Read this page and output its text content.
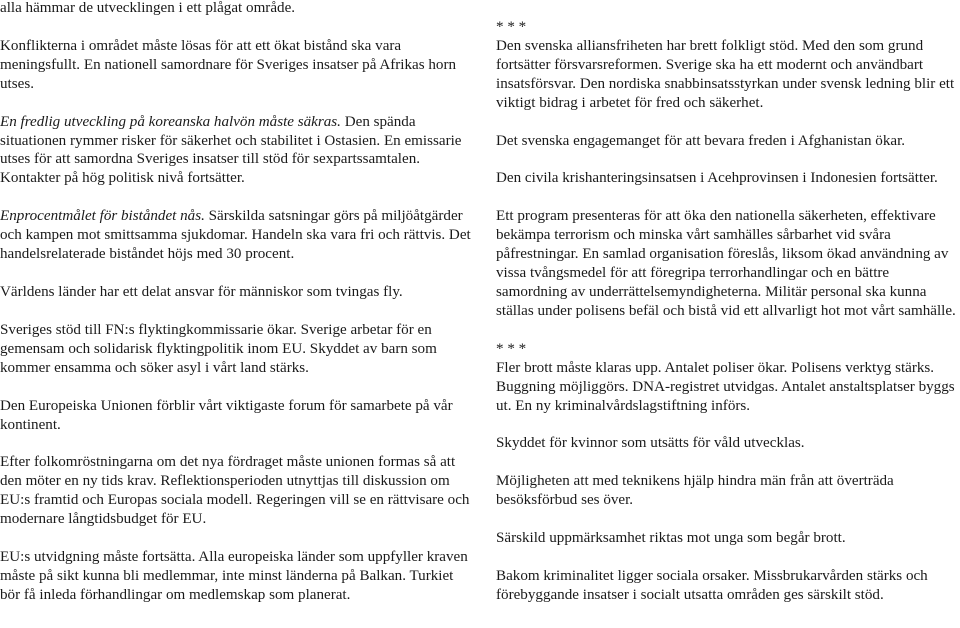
alla hämmar de utvecklingen i ett plågat område.

Konflikterna i området måste lösas för att ett ökat bistånd ska vara meningsfullt. En nationell samordnare för Sveriges insatser på Afrikas horn utses.

En fredlig utveckling på koreanska halvön måste säkras. Den spända situationen rymmer risker för säkerhet och stabilitet i Ostasien. En emissarie utses för att samordna Sveriges insatser till stöd för sexpartssamtalen. Kontakter på hög politisk nivå fortsätter.

Enprocentmålet för biståndet nås. Särskilda satsningar görs på miljöåtgärder och kampen mot smittsamma sjukdomar. Handeln ska vara fri och rättvis. Det handelsrelaterade biståndet höjs med 30 procent.

Världens länder har ett delat ansvar för människor som tvingas fly.

Sveriges stöd till FN:s flyktingkommissarie ökar. Sverige arbetar för en gemensam och solidarisk flyktingpolitik inom EU. Skyddet av barn som kommer ensamma och söker asyl i vårt land stärks.

Den Europeiska Unionen förblir vårt viktigaste forum för samarbete på vår kontinent.

Efter folkomröstningarna om det nya fördraget måste unionen formas så att den möter en ny tids krav. Reflektionsperioden utnyttjas till diskussion om EU:s framtid och Europas sociala modell. Regeringen vill se en rättvisare och modernare långtidsbudget för EU.

EU:s utvidgning måste fortsätta. Alla europeiska länder som uppfyller kraven måste på sikt kunna bli medlemmar, inte minst länderna på Balkan. Turkiet bör få inleda förhandlingar om medlemskap som planerat.

* * *

Den svenska alliansfriheten har brett folkligt stöd. Med den som grund fortsätter försvarsreformen. Sverige ska ha ett modernt och användbart insatsförsvar. Den nordiska snabbinsatsstyrkan under svensk ledning blir ett viktigt bidrag i arbetet för fred och säkerhet.

Det svenska engagemanget för att bevara freden i Afghanistan ökar.

Den civila krishanteringsinsatsen i Acehprovinsen i Indonesien fortsätter.

Ett program presenteras för att öka den nationella säkerheten, effektivare bekämpa terrorism och minska vårt samhälles sårbarhet vid svåra påfrestningar. En samlad organisation föreslås, liksom ökad användning av vissa tvångsmedel för att föregripa terrorhandlingar och en bättre samordning av underrättelsemyndigheterna. Militär personal ska kunna ställas under polisens befäl och bistå vid ett allvarligt hot mot vårt samhälle.

* * *

Fler brott måste klaras upp. Antalet poliser ökar. Polisens verktyg stärks. Buggning möjliggörs. DNA-registret utvidgas. Antalet anstaltsplatser byggs ut. En ny kriminalvårdslagstiftning införs.

Skyddet för kvinnor som utsätts för våld utvecklas.

Möjligheten att med teknikens hjälp hindra män från att överträda besöksförbud ses över.

Särskild uppmärksamhet riktas mot unga som begår brott.

Bakom kriminalitet ligger sociala orsaker. Missbrukarvården stärks och förebyggande insatser i socialt utsatta områden ges särskilt stöd.
